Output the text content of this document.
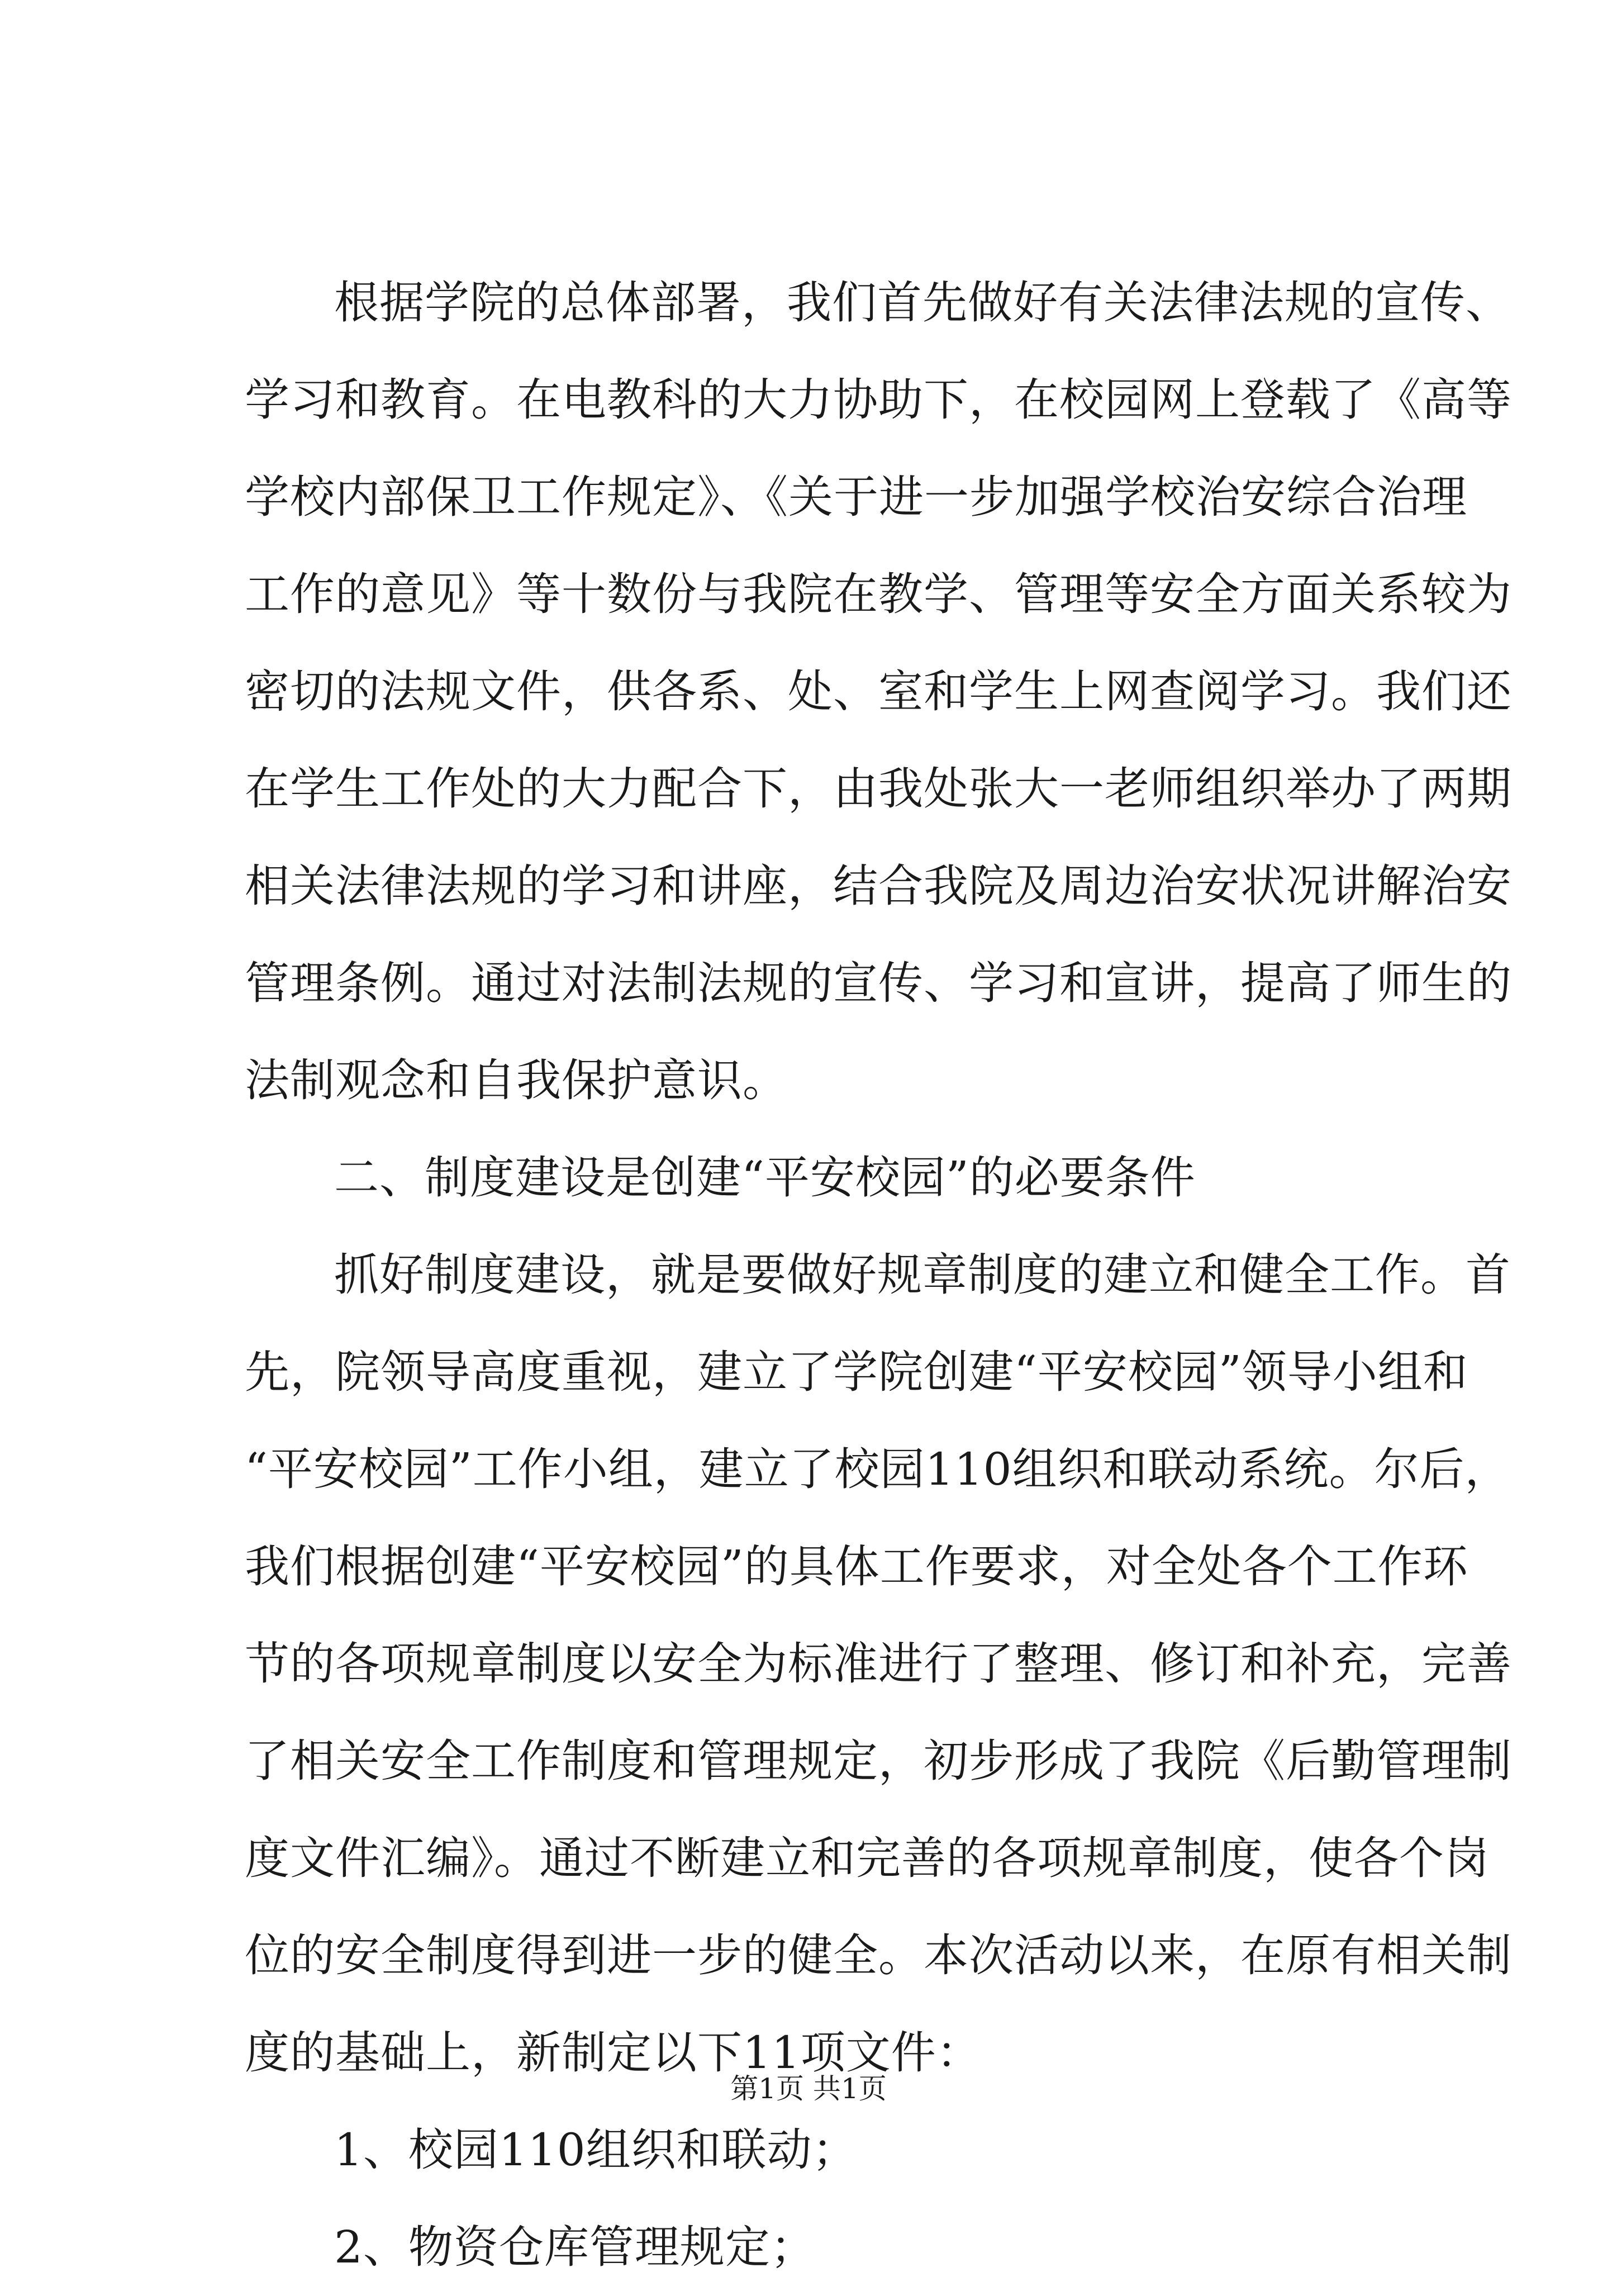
根据学院的总体部署，我们首先做好有关法律法规的宣传、
学习和教育。在电教科的大力协助下，在校园网上登载了《高等
学校内部保卫工作规定》、《关于进一步加强学校治安综合治理
工作的意见》等十数份与我院在教学、管理等安全方面关系较为
密切的法规文件，供各系、处、室和学生上网查阅学习。我们还
在学生工作处的大力配合下，由我处张大一老师组织举办了两期
相关法律法规的学习和讲座，结合我院及周边治安状况讲解治安
管理条例。通过对法制法规的宣传、学习和宣讲，提高了师生的
法制观念和自我保护意识。
二、制度建设是创建“平安校园”的必要条件
抓好制度建设，就是要做好规章制度的建立和健全工作。首
先，院领导高度重视，建立了学院创建“平安校园”领导小组和
“平安校园”工作小组，建立了校园110组织和联动系统。尔后，
我们根据创建“平安校园”的具体工作要求，对全处各个工作环
节的各项规章制度以安全为标准进行了整理、修订和补充，完善
了相关安全工作制度和管理规定，初步形成了我院《后勤管理制
度文件汇编》。通过不断建立和完善的各项规章制度，使各个岗
位的安全制度得到进一步的健全。本次活动以来，在原有相关制
度的基础上，新制定以下11项文件：
1、校园110组织和联动；
2、物资仓库管理规定；
第1页 共1页
